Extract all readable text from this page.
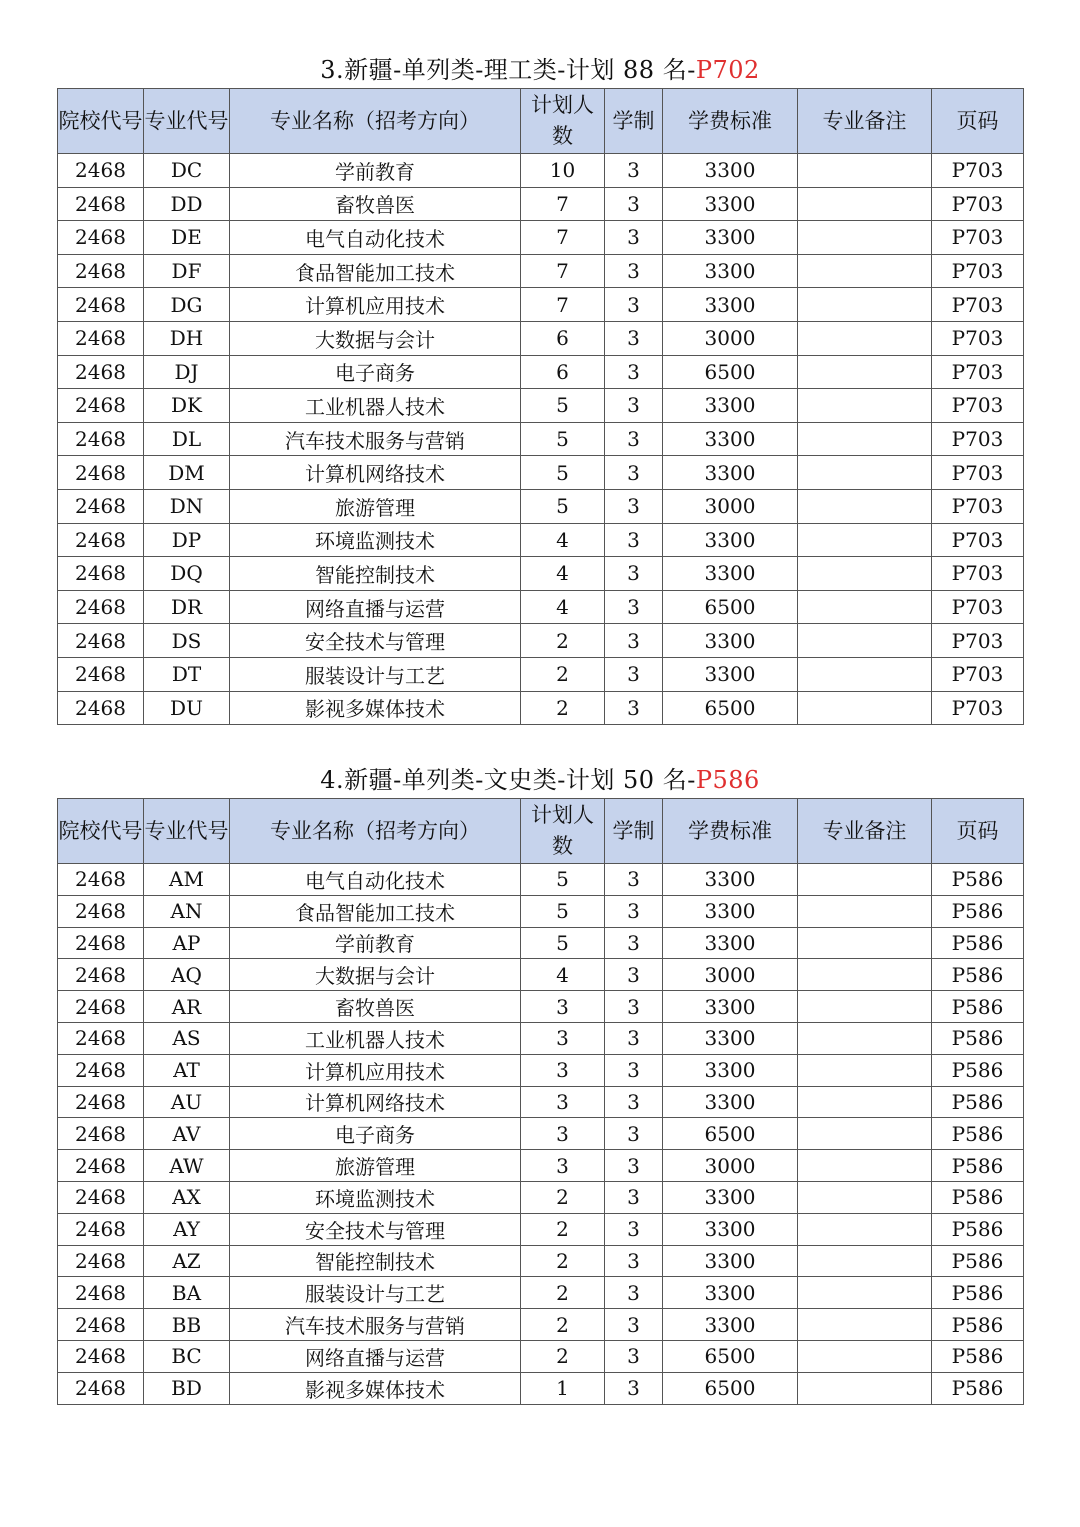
3.新疆-单列类-理工类-计划 88 名-P702
院校代号	专业代号	专业名称（招考方向）	计划人数	学制	学费标准	专业备注	页码
2468	DC	学前教育	10	3	3300		P703
2468	DD	畜牧兽医	7	3	3300		P703
2468	DE	电气自动化技术	7	3	3300		P703
2468	DF	食品智能加工技术	7	3	3300		P703
2468	DG	计算机应用技术	7	3	3300		P703
2468	DH	大数据与会计	6	3	3000		P703
2468	DJ	电子商务	6	3	6500		P703
2468	DK	工业机器人技术	5	3	3300		P703
2468	DL	汽车技术服务与营销	5	3	3300		P703
2468	DM	计算机网络技术	5	3	3300		P703
2468	DN	旅游管理	5	3	3000		P703
2468	DP	环境监测技术	4	3	3300		P703
2468	DQ	智能控制技术	4	3	3300		P703
2468	DR	网络直播与运营	4	3	6500		P703
2468	DS	安全技术与管理	2	3	3300		P703
2468	DT	服装设计与工艺	2	3	3300		P703
2468	DU	影视多媒体技术	2	3	6500		P703
4.新疆-单列类-文史类-计划 50 名-P586
院校代号	专业代号	专业名称（招考方向）	计划人数	学制	学费标准	专业备注	页码
2468	AM	电气自动化技术	5	3	3300		P586
2468	AN	食品智能加工技术	5	3	3300		P586
2468	AP	学前教育	5	3	3300		P586
2468	AQ	大数据与会计	4	3	3000		P586
2468	AR	畜牧兽医	3	3	3300		P586
2468	AS	工业机器人技术	3	3	3300		P586
2468	AT	计算机应用技术	3	3	3300		P586
2468	AU	计算机网络技术	3	3	3300		P586
2468	AV	电子商务	3	3	6500		P586
2468	AW	旅游管理	3	3	3000		P586
2468	AX	环境监测技术	2	3	3300		P586
2468	AY	安全技术与管理	2	3	3300		P586
2468	AZ	智能控制技术	2	3	3300		P586
2468	BA	服装设计与工艺	2	3	3300		P586
2468	BB	汽车技术服务与营销	2	3	3300		P586
2468	BC	网络直播与运营	2	3	6500		P586
2468	BD	影视多媒体技术	1	3	6500		P586
